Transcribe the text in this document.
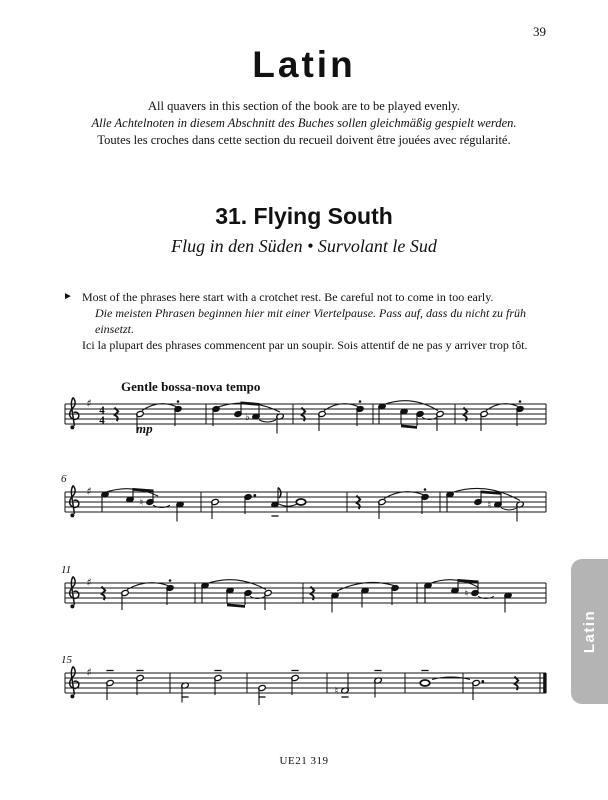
39
Latin
All quavers in this section of the book are to be played evenly.
Alle Achtelnoten in diesem Abschnitt des Buches sollen gleichmäßig gespielt werden.
Toutes les croches dans cette section du recueil doivent être jouées avec régularité.
31. Flying South
Flug in den Süden • Survolant le Sud
► Most of the phrases here start with a crotchet rest. Be careful not to come in too early.
Die meisten Phrasen beginnen hier mit einer Viertelpause. Pass auf, dass du nicht zu früh einsetzt.
Ici la plupart des phrases commencent par un soupir. Sois attentif de ne pas y arriver trop tôt.
♯
4
4
Gentle bossa-nova tempo
mp
♭
♯
6
♮	♮
♯
11
♮
♯
15
♮
Latin
UE21 319
